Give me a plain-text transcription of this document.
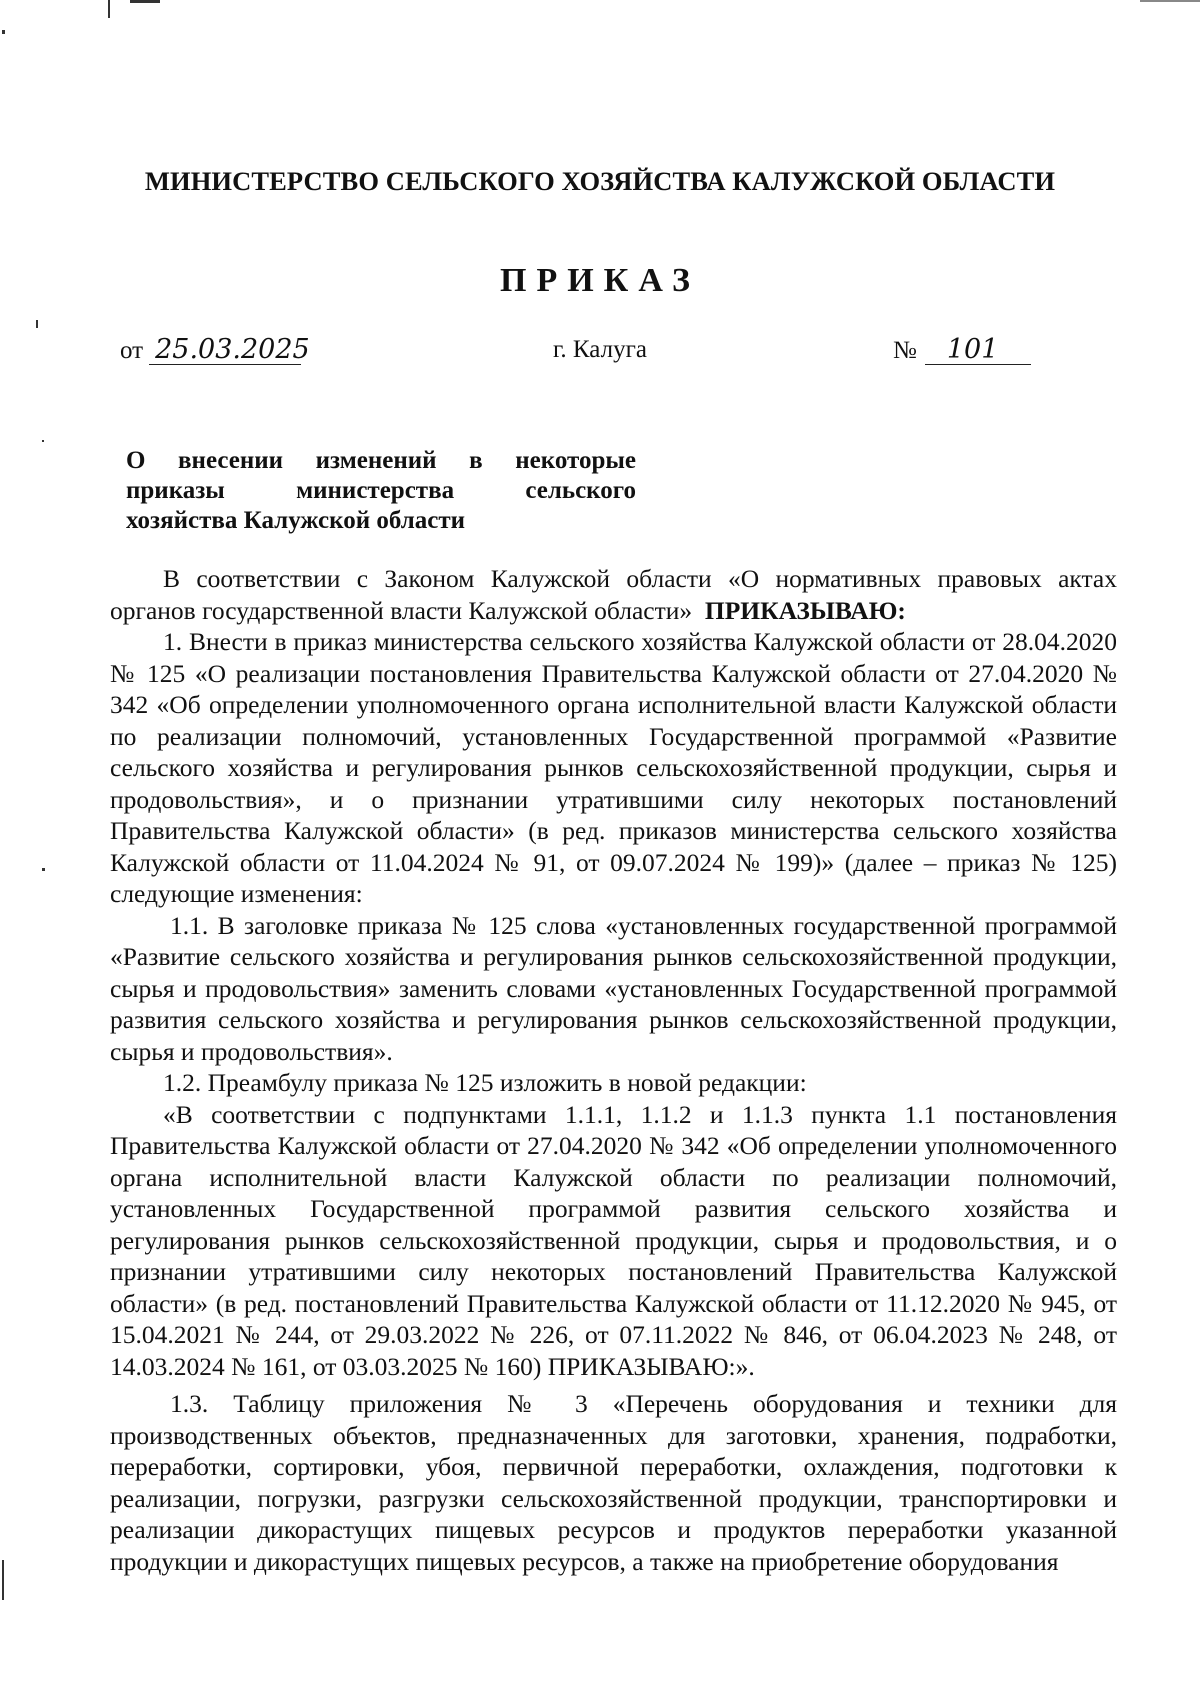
МИНИСТЕРСТВО СЕЛЬСКОГО ХОЗЯЙСТВА КАЛУЖСКОЙ ОБЛАСТИ
ПРИКАЗ
от 25.03.2025	г. Калуга	№ 101
О внесении изменений в некоторые
приказы министерства сельского
хозяйства Калужской области

В соответствии с Законом Калужской области «О нормативных правовых актах органов государственной власти Калужской области» ПРИКАЗЫВАЮ:

1. Внести в приказ министерства сельского хозяйства Калужской области от 28.04.2020 № 125 «О реализации постановления Правительства Калужской области от 27.04.2020 № 342 «Об определении уполномоченного органа исполнительной власти Калужской области по реализации полномочий, установленных Государственной программой «Развитие сельского хозяйства и регулирования рынков сельскохозяйственной продукции, сырья и продовольствия», и о признании утратившими силу некоторых постановлений Правительства Калужской области» (в ред. приказов министерства сельского хозяйства Калужской области от 11.04.2024 № 91, от 09.07.2024 № 199)» (далее – приказ № 125) следующие изменения:

1.1. В заголовке приказа № 125 слова «установленных государственной программой «Развитие сельского хозяйства и регулирования рынков сельскохозяйственной продукции, сырья и продовольствия» заменить словами «установленных Государственной программой развития сельского хозяйства и регулирования рынков сельскохозяйственной продукции, сырья и продовольствия».

1.2. Преамбулу приказа № 125 изложить в новой редакции:

«В соответствии с подпунктами 1.1.1, 1.1.2 и 1.1.3 пункта 1.1 постановления Правительства Калужской области от 27.04.2020 № 342 «Об определении уполномоченного органа исполнительной власти Калужской области по реализации полномочий, установленных Государственной программой развития сельского хозяйства и регулирования рынков сельскохозяйственной продукции, сырья и продовольствия, и о признании утратившими силу некоторых постановлений Правительства Калужской области» (в ред. постановлений Правительства Калужской области от 11.12.2020 № 945, от 15.04.2021 № 244, от 29.03.2022 № 226, от 07.11.2022 № 846, от 06.04.2023 № 248, от 14.03.2024 № 161, от 03.03.2025 № 160) ПРИКАЗЫВАЮ:».

1.3. Таблицу приложения № 3 «Перечень оборудования и техники для производственных объектов, предназначенных для заготовки, хранения, подработки, переработки, сортировки, убоя, первичной переработки, охлаждения, подготовки к реализации, погрузки, разгрузки сельскохозяйственной продукции, транспортировки и реализации дикорастущих пищевых ресурсов и продуктов переработки указанной продукции и дикорастущих пищевых ресурсов, а также на приобретение оборудования
